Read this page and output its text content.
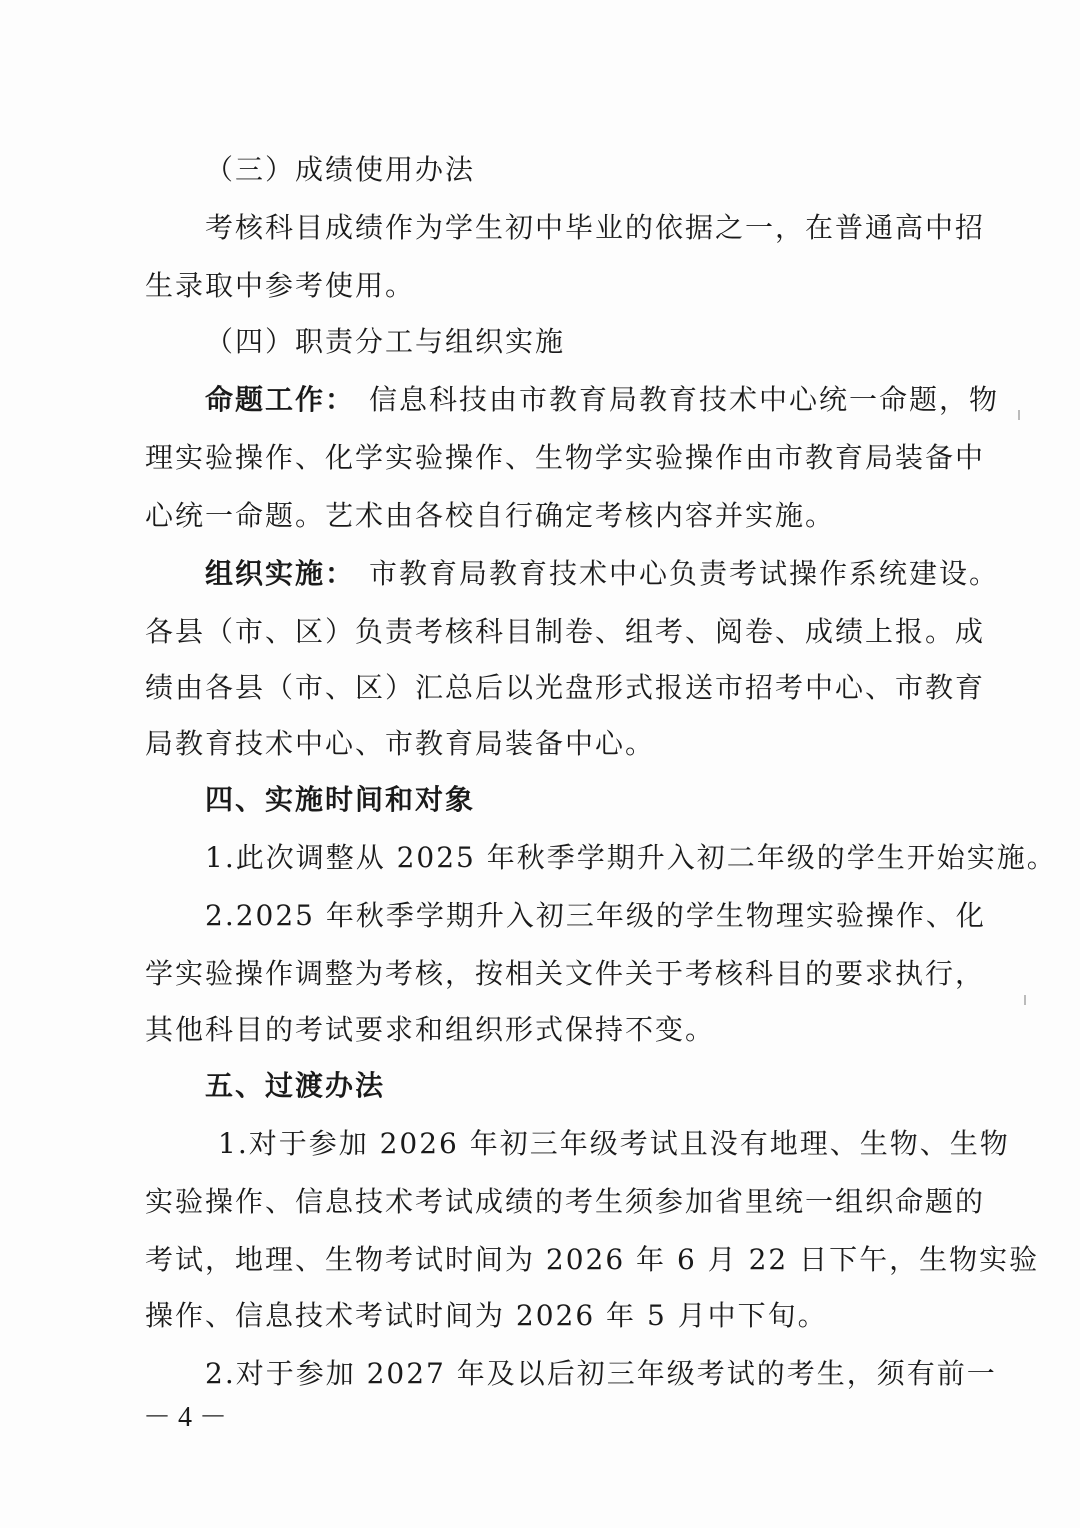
（三）成绩使用办法
考核科目成绩作为学生初中毕业的依据之一，在普通高中招
生录取中参考使用。
（四）职责分工与组织实施
命题工作： 信息科技由市教育局教育技术中心统一命题，物
理实验操作、化学实验操作、生物学实验操作由市教育局装备中
心统一命题。艺术由各校自行确定考核内容并实施。
组织实施： 市教育局教育技术中心负责考试操作系统建设。
各县（市、区）负责考核科目制卷、组考、阅卷、成绩上报。成
绩由各县（市、区）汇总后以光盘形式报送市招考中心、市教育
局教育技术中心、市教育局装备中心。
四、实施时间和对象
1.此次调整从 2025 年秋季学期升入初二年级的学生开始实施。
2.2025 年秋季学期升入初三年级的学生物理实验操作、化
学实验操作调整为考核，按相关文件关于考核科目的要求执行，
其他科目的考试要求和组织形式保持不变。
五、过渡办法
1.对于参加 2026 年初三年级考试且没有地理、生物、生物
实验操作、信息技术考试成绩的考生须参加省里统一组织命题的
考试，地理、生物考试时间为 2026 年 6 月 22 日下午，生物实验
操作、信息技术考试时间为 2026 年 5 月中下旬。
2.对于参加 2027 年及以后初三年级考试的考生，须有前一
－ 4 －
